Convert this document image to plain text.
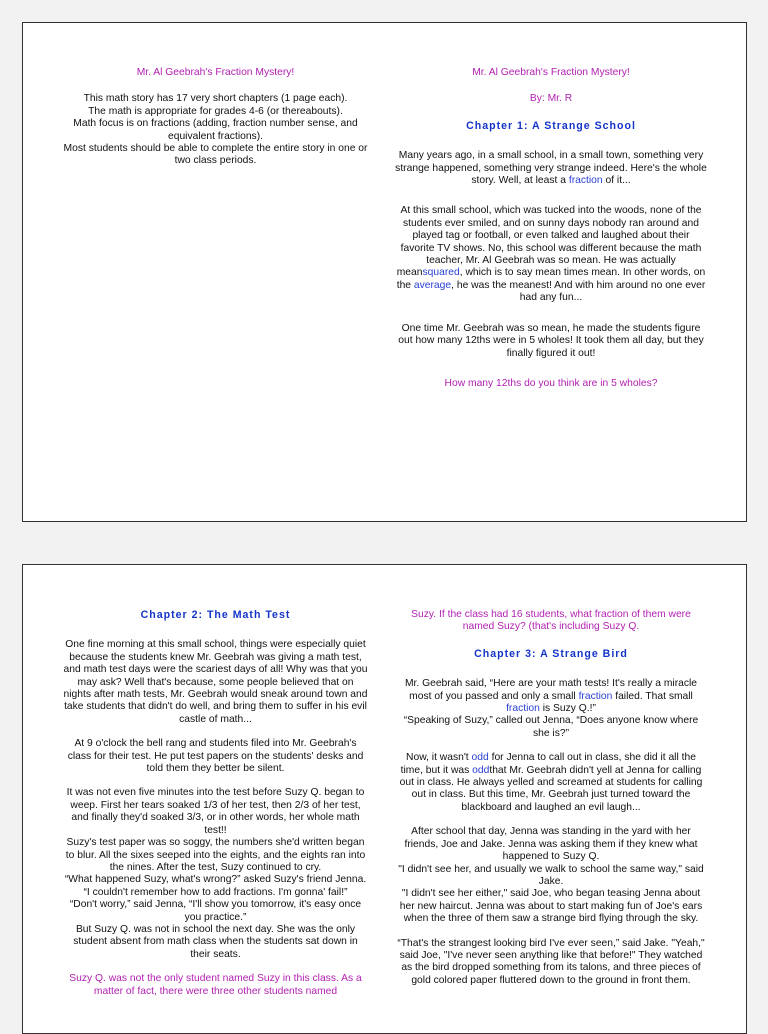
Mr. Al Geebrah's Fraction Mystery!

This math story has 17 very short chapters (1 page each).

The math is appropriate for grades 4-6 (or thereabouts).

Math focus is on fractions (adding, fraction number sense, and equivalent fractions).

Most students should be able to complete the entire story in one or two class periods.

Mr. Al Geebrah's Fraction Mystery!

By: Mr. R

Chapter 1: A Strange School

Many years ago, in a small school, in a small town, something very strange happened, something very strange indeed. Here's the whole story. Well, at least a fraction of it...

At this small school, which was tucked into the woods, none of the students ever smiled, and on sunny days nobody ran around and played tag or football, or even talked and laughed about their favorite TV shows. No, this school was different because the math teacher, Mr. Al Geebrah was so mean. He was actually meansquared, which is to say mean times mean. In other words, on the average, he was the meanest! And with him around no one ever had any fun...

One time Mr. Geebrah was so mean, he made the students figure out how many 12ths were in 5 wholes! It took them all day, but they finally figured it out!

How many 12ths do you think are in 5 wholes?

Chapter 2: The Math Test

One fine morning at this small school, things were especially quiet because the students knew Mr. Geebrah was giving a math test, and math test days were the scariest days of all! Why was that you may ask? Well that's because, some people believed that on nights after math tests, Mr. Geebrah would sneak around town and take students that didn't do well, and bring them to suffer in his evil castle of math...

At 9 o'clock the bell rang and students filed into Mr. Geebrah's class for their test. He put test papers on the students' desks and told them they better be silent.

It was not even five minutes into the test before Suzy Q. began to weep. First her tears soaked 1/3 of her test, then 2/3 of her test, and finally they'd soaked 3/3, or in other words, her whole math test!!

Suzy's test paper was so soggy, the numbers she'd written began to blur. All the sixes seeped into the eights, and the eights ran into the nines. After the test, Suzy continued to cry.

“What happened Suzy, what's wrong?” asked Suzy's friend Jenna.

“I couldn't remember how to add fractions. I'm gonna' fail!”

“Don't worry,” said Jenna, “I'll show you tomorrow, it's easy once you practice.”

But Suzy Q. was not in school the next day. She was the only student absent from math class when the students sat down in their seats.

Suzy Q. was not the only student named Suzy in this class. As a matter of fact, there were three other students named

Suzy. If the class had 16 students, what fraction of them were named Suzy? (that's including Suzy Q.

Chapter 3: A Strange Bird

Mr. Geebrah said, “Here are your math tests! It's really a miracle most of you passed and only a small fraction failed. That small fraction is Suzy Q.!”

“Speaking of Suzy,” called out Jenna, “Does anyone know where she is?”

Now, it wasn't odd for Jenna to call out in class, she did it all the time, but it was oddthat Mr. Geebrah didn't yell at Jenna for calling out in class. He always yelled and screamed at students for calling out in class. But this time, Mr. Geebrah just turned toward the blackboard and laughed an evil laugh...

After school that day, Jenna was standing in the yard with her friends, Joe and Jake. Jenna was asking them if they knew what happened to Suzy Q.

"I didn't see her, and usually we walk to school the same way," said Jake.

"I didn't see her either," said Joe, who began teasing Jenna about her new haircut. Jenna was about to start making fun of Joe's ears when the three of them saw a strange bird flying through the sky.

“That's the strangest looking bird I've ever seen,” said Jake. "Yeah," said Joe, "I've never seen anything like that before!" They watched as the bird dropped something from its talons, and three pieces of gold colored paper fluttered down to the ground in front them.
